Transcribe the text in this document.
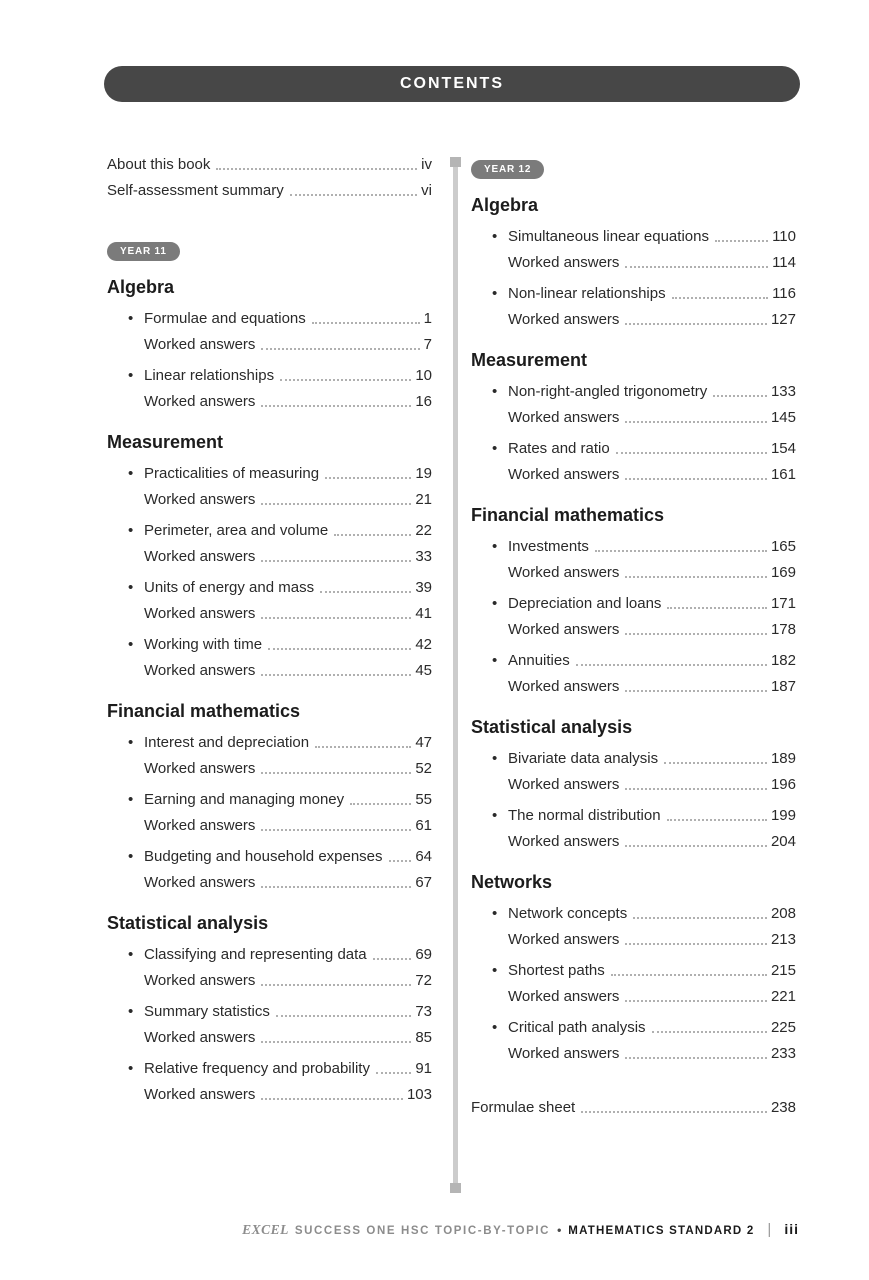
CONTENTS
About this book	iv
Self-assessment summary	vi
YEAR 11
Algebra
• Formulae and equations	1
Worked answers	7
• Linear relationships	10
Worked answers	16
Measurement
• Practicalities of measuring	19
Worked answers	21
• Perimeter, area and volume	22
Worked answers	33
• Units of energy and mass	39
Worked answers	41
• Working with time	42
Worked answers	45
Financial mathematics
• Interest and depreciation	47
Worked answers	52
• Earning and managing money	55
Worked answers	61
• Budgeting and household expenses 64
Worked answers	67
Statistical analysis
• Classifying and representing data	69
Worked answers	72
• Summary statistics	73
Worked answers	85
• Relative frequency and probability	91
Worked answers	103
YEAR 12
Algebra
• Simultaneous linear equations	110
Worked answers	114
• Non-linear relationships	116
Worked answers	127
Measurement
• Non-right-angled trigonometry	133
Worked answers	145
• Rates and ratio	154
Worked answers	161
Financial mathematics
• Investments	165
Worked answers	169
• Depreciation and loans	171
Worked answers	178
• Annuities	182
Worked answers	187
Statistical analysis
• Bivariate data analysis	189
Worked answers	196
• The normal distribution	199
Worked answers	204
Networks
• Network concepts	208
Worked answers	213
• Shortest paths	215
Worked answers	221
• Critical path analysis	225
Worked answers	233
Formulae sheet	238
EXCEL SUCCESS ONE HSC TOPIC-BY-TOPIC • MATHEMATICS STANDARD 2 | iii
